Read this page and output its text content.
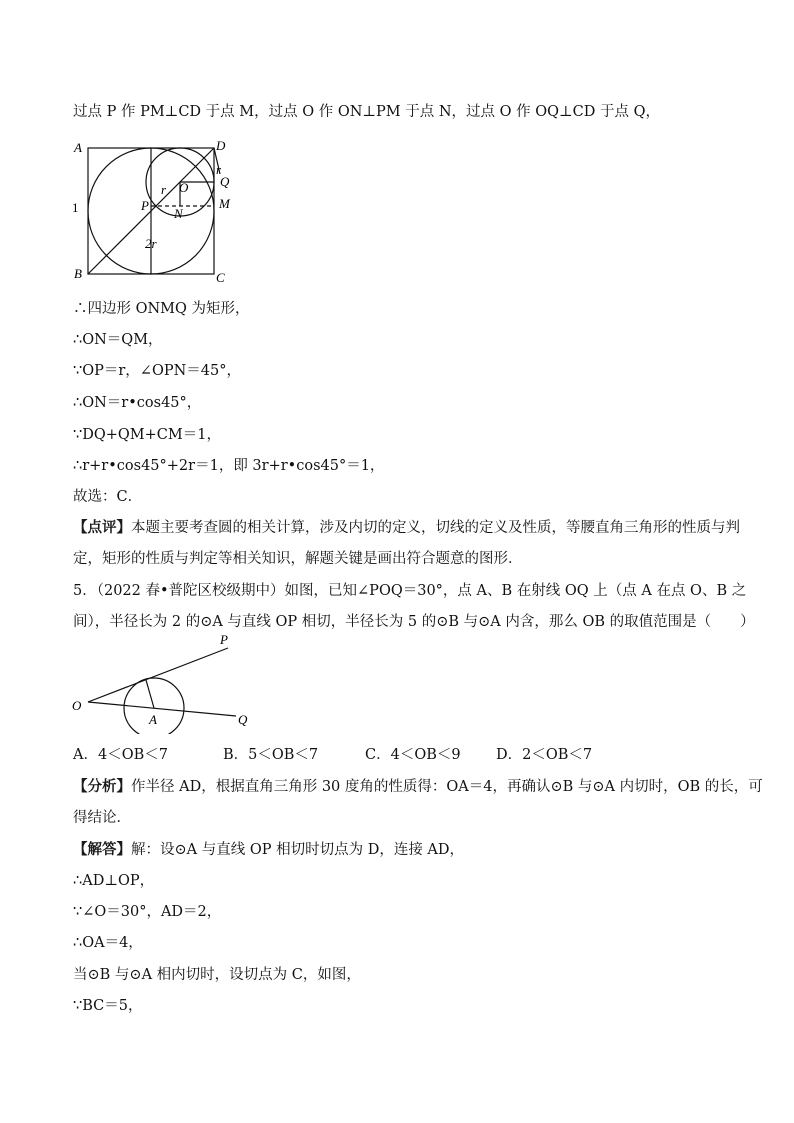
过点 P 作 PM⊥CD 于点 M，过点 O 作 ON⊥PM 于点 N，过点 O 作 OQ⊥CD 于点 Q，
A	D
B	C
r
Q
M
O
r
P
N
1
2r
∴四边形 ONMQ 为矩形，
∴ON＝QM，
∵OP＝r，∠OPN＝45°，
∴ON＝r•cos45°，
∵DQ+QM+CM＝1，
∴r+r•cos45°+2r＝1，即 3r+r•cos45°＝1，
故选：C．
【点评】本题主要考查圆的相关计算，涉及内切的定义，切线的定义及性质，等腰直角三角形的性质与判
定，矩形的性质与判定等相关知识，解题关键是画出符合题意的图形．
5．（2022 春•普陀区校级期中）如图，已知∠POQ＝30°，点 A、B 在射线 OQ 上（点 A 在点 O、B 之
间），半径长为 2 的⊙A 与直线 OP 相切，半径长为 5 的⊙B 与⊙A 内含，那么 OB 的取值范围是（　　）
P
O
A	Q
A．4＜OB＜7	B．5＜OB＜7	C．4＜OB＜9 D．2＜OB＜7
【分析】作半径 AD，根据直角三角形 30 度角的性质得：OA＝4，再确认⊙B 与⊙A 内切时，OB 的长，可
得结论．
【解答】解：设⊙A 与直线 OP 相切时切点为 D，连接 AD，
∴AD⊥OP，
∵∠O＝30°，AD＝2，
∴OA＝4，
当⊙B 与⊙A 相内切时，设切点为 C，如图，
∵BC＝5，
